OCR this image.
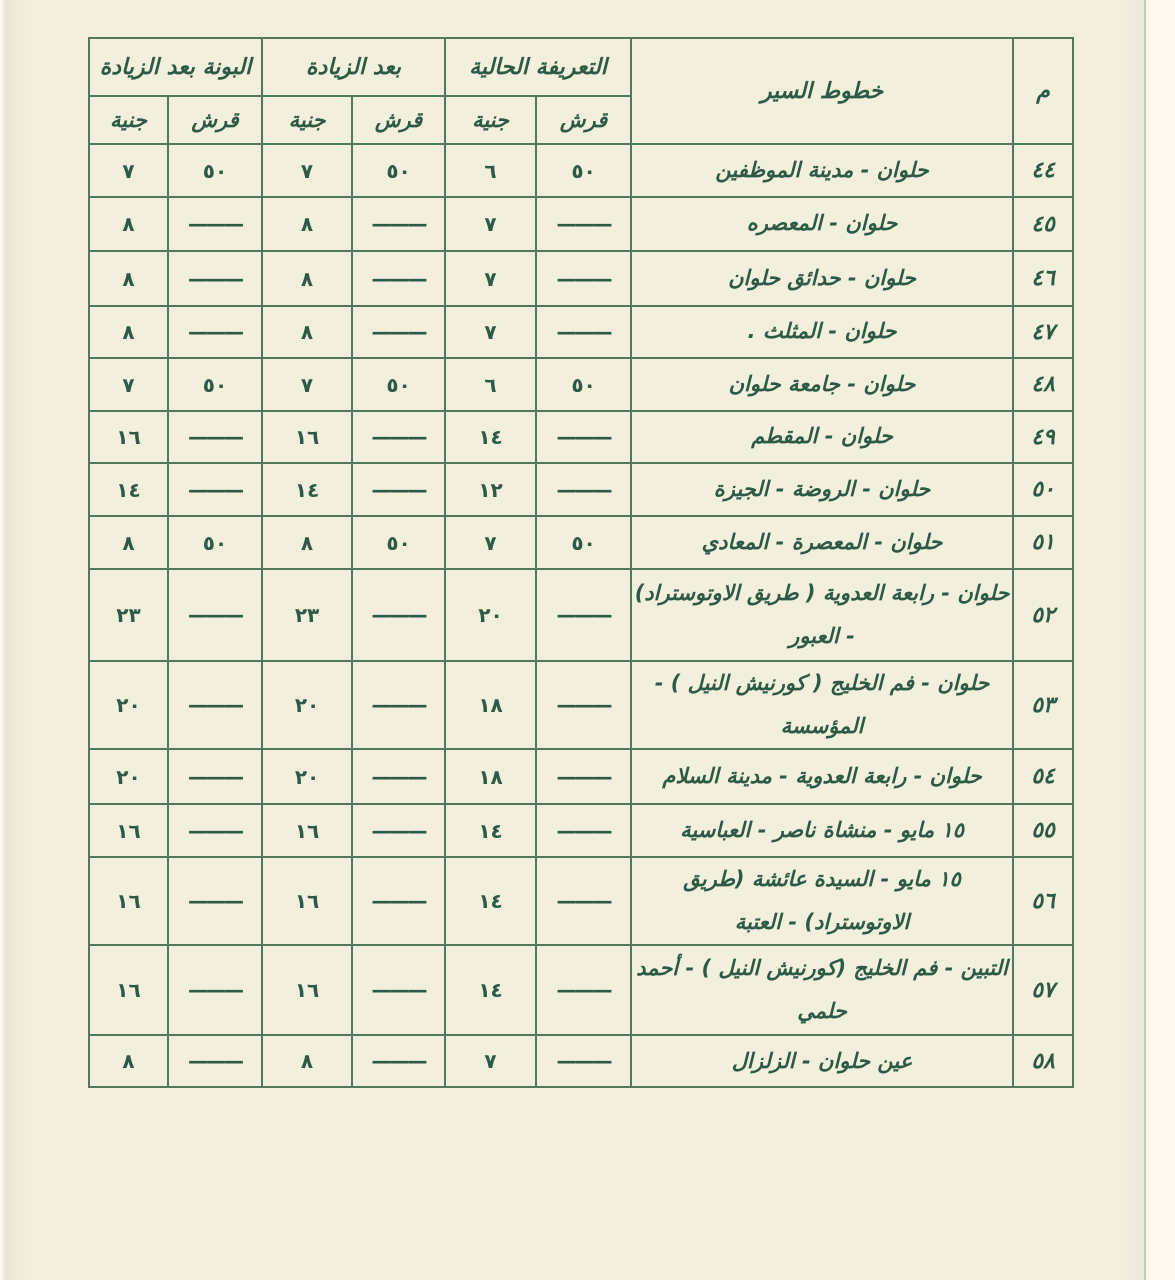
م	خطوط السير	التعريفة الحالية		بعد الزيادة		البونة بعد الزيادة	
		قرش	جنية	قرش	جنية	قرش	جنية
٤٤	حلوان - مدينة الموظفين	٥٠	٦	٥٠	٧	٥٠	٧
٤٥	حلوان - المعصره	———	٧	———	٨	———	٨
٤٦	حلوان - حدائق حلوان	———	٧	———	٨	———	٨
٤٧	حلوان - المثلث .	———	٧	———	٨	———	٨
٤٨	حلوان - جامعة حلوان	٥٠	٦	٥٠	٧	٥٠	٧
٤٩	حلوان - المقطم	———	١٤	———	١٦	———	١٦
٥٠	حلوان - الروضة - الجيزة	———	١٢	———	١٤	———	١٤
٥١	حلوان - المعصرة - المعادي	٥٠	٧	٥٠	٨	٥٠	٨
٥٢	حلوان - رابعة العدوية ( طريق الاوتوستراد) - العبور	———	٢٠	———	٢٣	———	٢٣
٥٣	حلوان - فم الخليج ( كورنيش النيل ) - المؤسسة	———	١٨	———	٢٠	———	٢٠
٥٤	حلوان - رابعة العدوية - مدينة السلام	———	١٨	———	٢٠	———	٢٠
٥٥	١٥ مايو - منشاة ناصر - العباسية	———	١٤	———	١٦	———	١٦
٥٦	١٥ مايو - السيدة عائشة (طريق الاوتوستراد) - العتبة	———	١٤	———	١٦	———	١٦
٥٧	التبين - فم الخليج (كورنيش النيل ) - أحمد حلمي	———	١٤	———	١٦	———	١٦
٥٨	عين حلوان - الزلزال	———	٧	———	٨	———	٨
